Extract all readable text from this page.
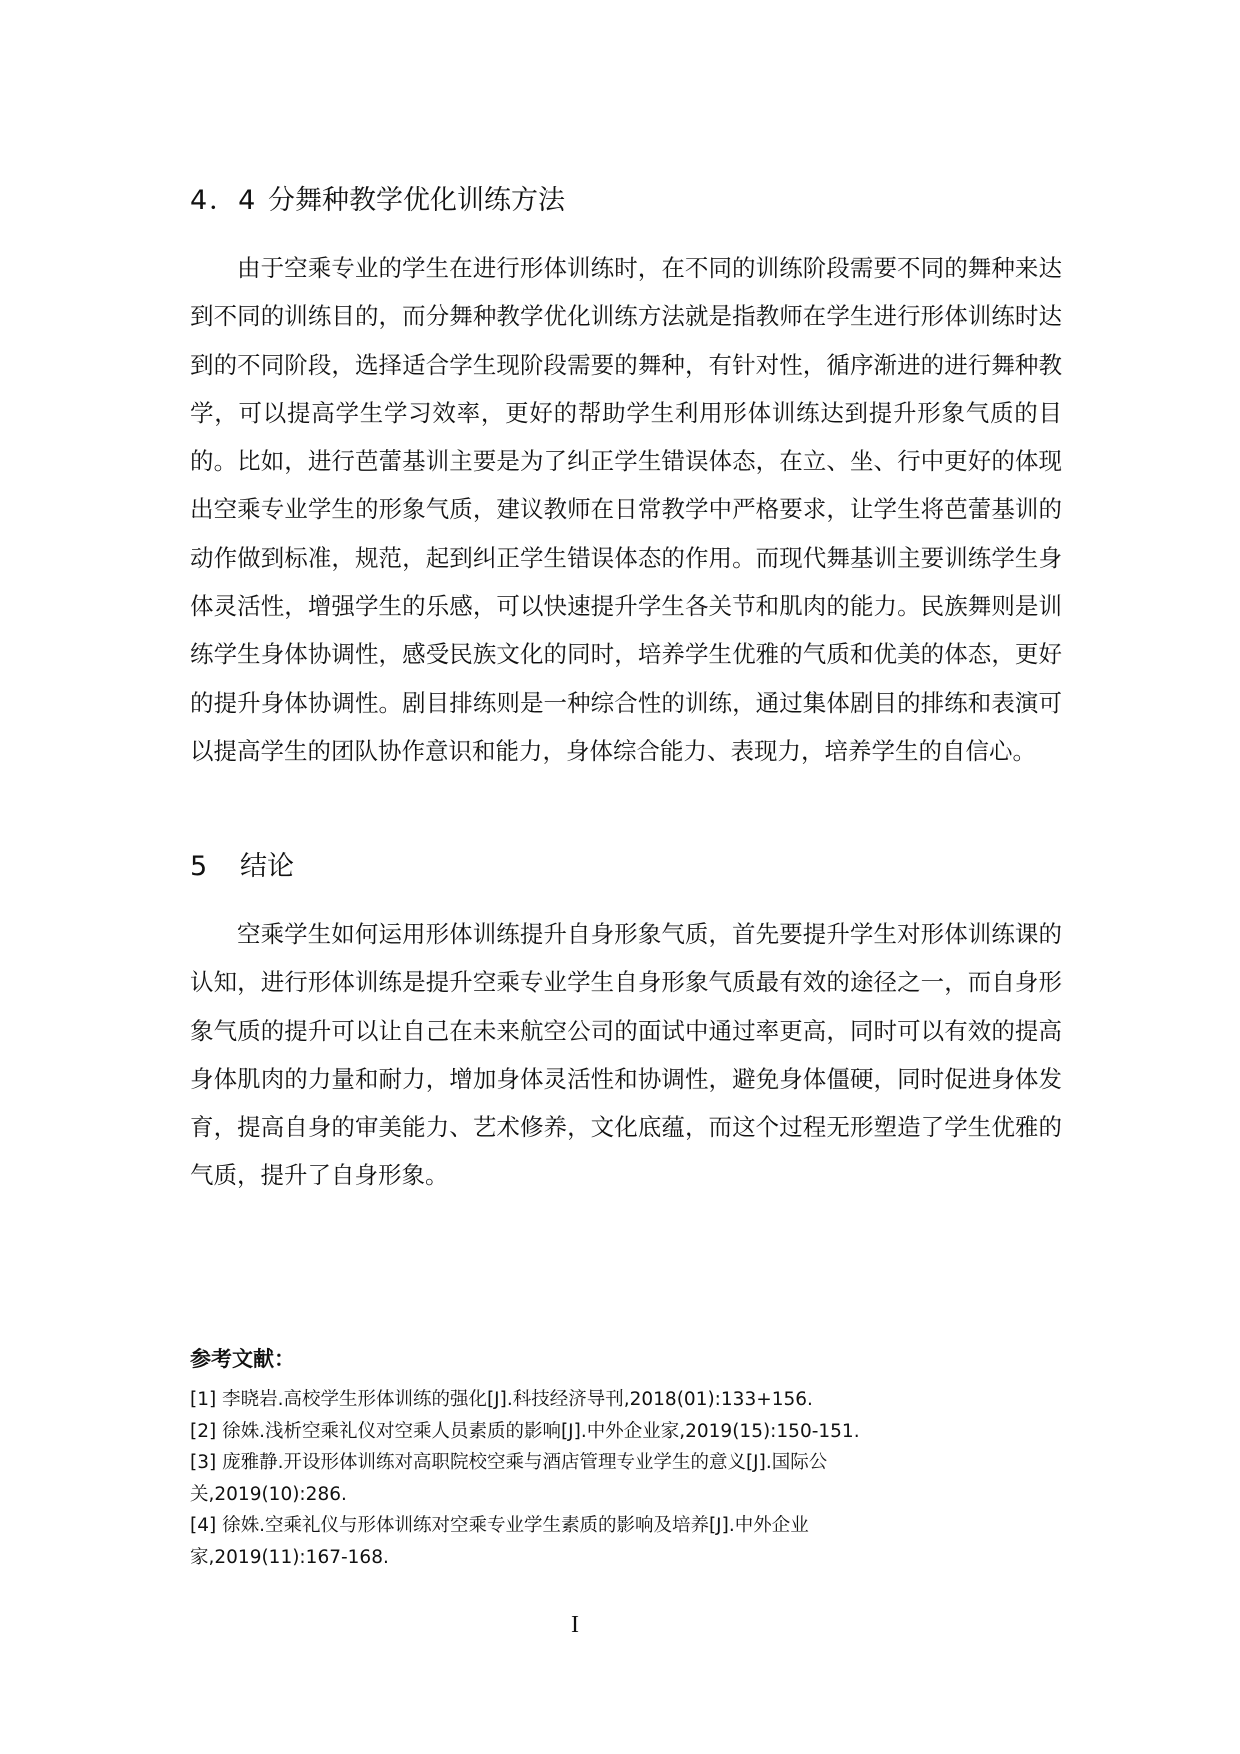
4．4 分舞种教学优化训练方法

由于空乘专业的学生在进行形体训练时，在不同的训练阶段需要不同的舞种来达到不同的训练目的，而分舞种教学优化训练方法就是指教师在学生进行形体训练时达到的不同阶段，选择适合学生现阶段需要的舞种，有针对性，循序渐进的进行舞种教学，可以提高学生学习效率，更好的帮助学生利用形体训练达到提升形象气质的目的。比如，进行芭蕾基训主要是为了纠正学生错误体态，在立、坐、行中更好的体现出空乘专业学生的形象气质，建议教师在日常教学中严格要求，让学生将芭蕾基训的动作做到标准，规范，起到纠正学生错误体态的作用。而现代舞基训主要训练学生身体灵活性，增强学生的乐感，可以快速提升学生各关节和肌肉的能力。民族舞则是训练学生身体协调性，感受民族文化的同时，培养学生优雅的气质和优美的体态，更好的提升身体协调性。剧目排练则是一种综合性的训练，通过集体剧目的排练和表演可以提高学生的团队协作意识和能力，身体综合能力、表现力，培养学生的自信心。

5 结论

空乘学生如何运用形体训练提升自身形象气质，首先要提升学生对形体训练课的认知，进行形体训练是提升空乘专业学生自身形象气质最有效的途径之一，而自身形象气质的提升可以让自己在未来航空公司的面试中通过率更高，同时可以有效的提高身体肌肉的力量和耐力，增加身体灵活性和协调性，避免身体僵硬，同时促进身体发育，提高自身的审美能力、艺术修养，文化底蕴，而这个过程无形塑造了学生优雅的气质，提升了自身形象。

参考文献：
[1] 李晓岩.高校学生形体训练的强化[J].科技经济导刊,2018(01):133+156.
[2] 徐姝.浅析空乘礼仪对空乘人员素质的影响[J].中外企业家,2019(15):150-151.
[3] 庞雅静.开设形体训练对高职院校空乘与酒店管理专业学生的意义[J].国际公
关,2019(10):286.
[4] 徐姝.空乘礼仪与形体训练对空乘专业学生素质的影响及培养[J].中外企业
家,2019(11):167-168.
I
